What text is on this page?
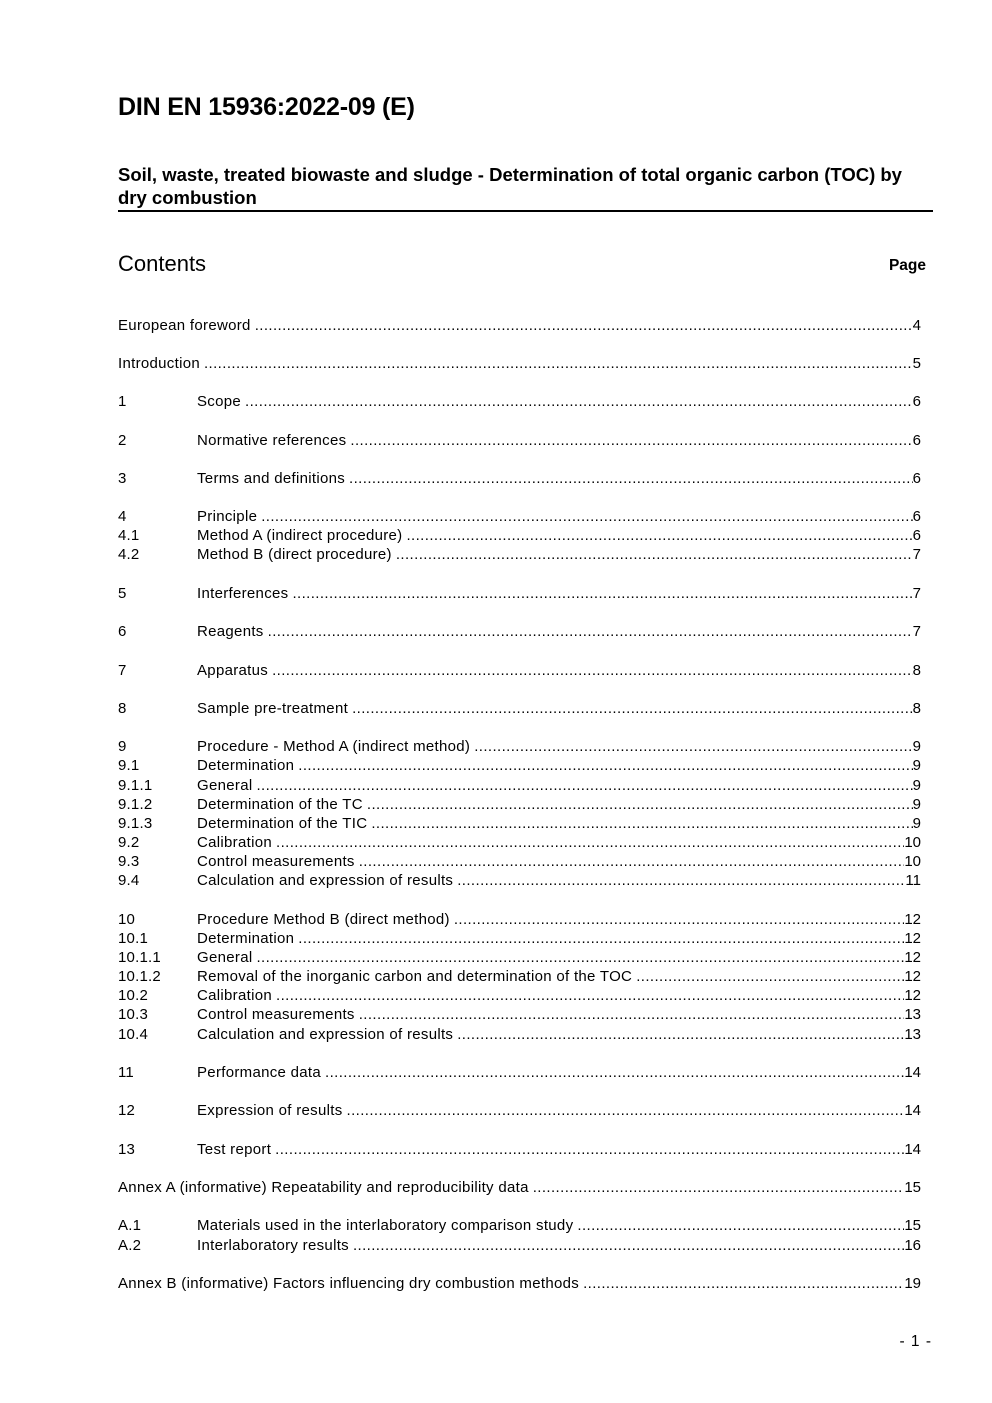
DIN EN 15936:2022-09 (E)
Soil, waste, treated biowaste and sludge - Determination of total organic carbon (TOC) by dry combustion
Contents	Page
European foreword .....	4
Introduction .....	5
1	Scope .....	6
2	Normative references .....	6
3	Terms and definitions .....	6
4	Principle .....	6
4.1	Method A (indirect procedure) .....	6
4.2	Method B (direct procedure) .....	7
5	Interferences .....	7
6	Reagents .....	7
7	Apparatus .....	8
8	Sample pre-treatment .....	8
9	Procedure - Method A (indirect method) .....	9
9.1	Determination .....	9
9.1.1	General .....	9
9.1.2	Determination of the TC .....	9
9.1.3	Determination of the TIC .....	9
9.2	Calibration .....	10
9.3	Control measurements .....	10
9.4	Calculation and expression of results .....	11
10	Procedure Method B (direct method) .....	12
10.1	Determination .....	12
10.1.1	General .....	12
10.1.2	Removal of the inorganic carbon and determination of the TOC .....	12
10.2	Calibration .....	12
10.3	Control measurements .....	13
10.4	Calculation and expression of results .....	13
11	Performance data .....	14
12	Expression of results .....	14
13	Test report .....	14
Annex A (informative) Repeatability and reproducibility data .....	15
A.1	Materials used in the interlaboratory comparison study .....	15
A.2	Interlaboratory results .....	16
Annex B (informative) Factors influencing dry combustion methods .....	19
- 1 -
